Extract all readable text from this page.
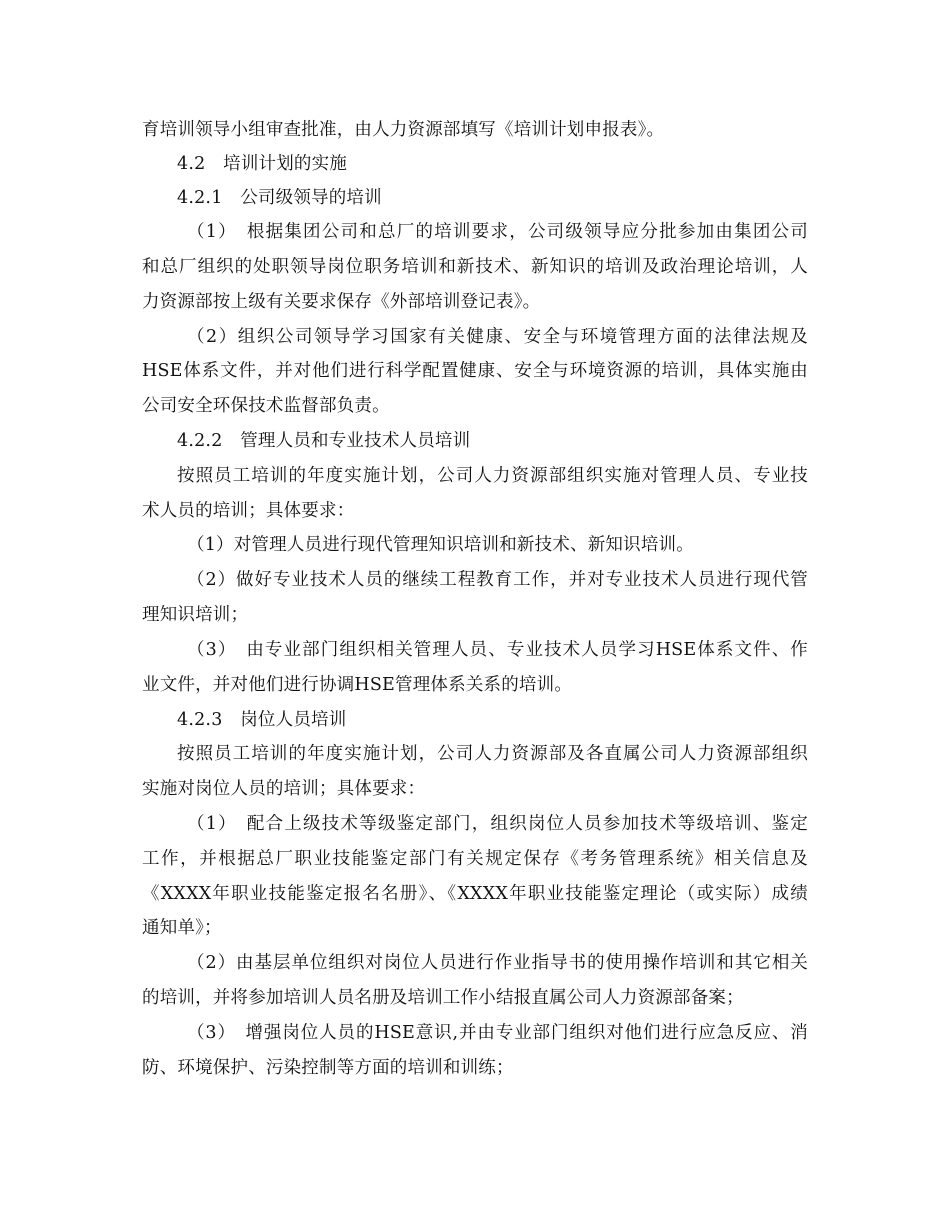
育培训领导小组审查批准，由人力资源部填写《培训计划申报表》。
4.2　培训计划的实施
4.2.1　公司级领导的培训
（1）　根据集团公司和总厂的培训要求，公司级领导应分批参加由集团公司
和总厂组织的处职领导岗位职务培训和新技术、新知识的培训及政治理论培训，人
力资源部按上级有关要求保存《外部培训登记表》。
（2）组织公司领导学习国家有关健康、安全与环境管理方面的法律法规及
HSE体系文件，并对他们进行科学配置健康、安全与环境资源的培训，具体实施由
公司安全环保技术监督部负责。
4.2.2　管理人员和专业技术人员培训
按照员工培训的年度实施计划，公司人力资源部组织实施对管理人员、专业技
术人员的培训；具体要求：
（1）对管理人员进行现代管理知识培训和新技术、新知识培训。
（2）做好专业技术人员的继续工程教育工作，并对专业技术人员进行现代管
理知识培训；
（3）　由专业部门组织相关管理人员、专业技术人员学习HSE体系文件、作
业文件，并对他们进行协调HSE管理体系关系的培训。
4.2.3　岗位人员培训
按照员工培训的年度实施计划，公司人力资源部及各直属公司人力资源部组织
实施对岗位人员的培训；具体要求：
（1）　配合上级技术等级鉴定部门，组织岗位人员参加技术等级培训、鉴定
工作，并根据总厂职业技能鉴定部门有关规定保存《考务管理系统》相关信息及
《XXXX年职业技能鉴定报名名册》、《XXXX年职业技能鉴定理论（或实际）成绩
通知单》；
（2）由基层单位组织对岗位人员进行作业指导书的使用操作培训和其它相关
的培训，并将参加培训人员名册及培训工作小结报直属公司人力资源部备案；
（3）　增强岗位人员的HSE意识,并由专业部门组织对他们进行应急反应、消
防、环境保护、污染控制等方面的培训和训练；
